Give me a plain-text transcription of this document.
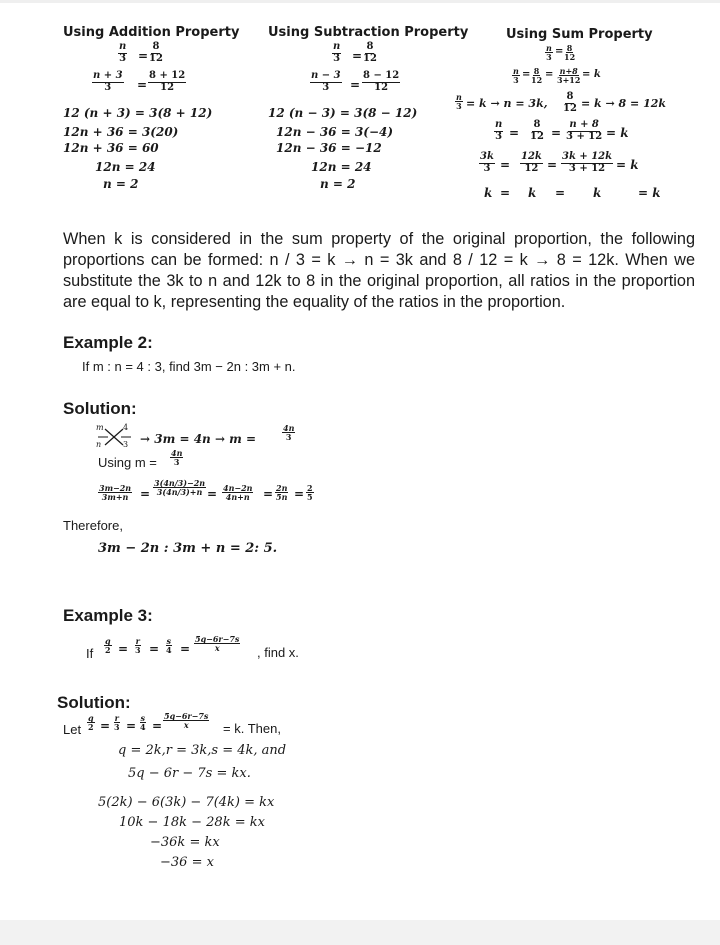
Using Addition Property
$\frac{n}{3} = \frac{8}{12}$
$\frac{n + 3}{3} = \frac{8 + 12}{12}$
12 (n + 3) = 3(8 + 12)
12n + 36 = 3(20)
12n + 36 = 60
12n = 24
n = 2
Using Subtraction Property
$\frac{n}{3} = \frac{8}{12}$
$\frac{n - 3}{3} = \frac{8 - 12}{12}$
12 (n − 3) = 3(8 − 12)
12n − 36 = 3(−4)
12n − 36 = −12
12n = 24
n = 2
Using Sum Property
$\frac{n}{3} = \frac{8}{12}$
$\frac{n}{3} = \frac{8}{12} = \frac{n+8}{3+12} = k$
$\frac{n}{3} = k \to n = 3k$, $\frac{8}{12} = k \to 8 = 12k$
$\frac{n}{3} = \frac{8}{12} = \frac{n + 8}{3 + 12} = k$
$\frac{3k}{3} = \frac{12k}{12} = \frac{3k + 12k}{3 + 12} = k$
k = k = k	= k
When k is considered in the sum property of the original proportion, the following proportions can be formed: n / 3 = k → n = 3k and 8 / 12 = k → 8 = 12k. When we substitute the 3k to n and 12k to 8 in the original proportion, all ratios in the proportion are equal to k, representing the equality of the ratios in the proportion.
Example 2:
If m : n = 4 : 3, find 3m − 2n : 3m + n.
Solution:
m 4
n	3 → 3m = 4n → m =	$\frac{4n}{3}$
Using $m = \frac{4n}{3}$
$\frac{3m-2n}{3m+n} = \frac{3(4n/3)-2n}{3(4n/3)+n} = \frac{4n-2n}{4n+n} = \frac{2n}{5n} = \frac{2}{5}$
Therefore,
3m − 2n : 3m + n = 2: 5.
Example 3:
If $\frac{q}{2} = \frac{r}{3} = \frac{s}{4} = \frac{5q-6r-7s}{x}$ , find x.
Solution:
Let $\frac{q}{2} = \frac{r}{3} = \frac{s}{4} = \frac{5q-6r-7s}{x} = k$. Then,
q = 2k,r = 3k,s = 4k, and
5q − 6r − 7s = kx.
5(2k) − 6(3k) − 7(4k) = kx
10k − 18k − 28k = kx
−36k = kx
−36 = x
